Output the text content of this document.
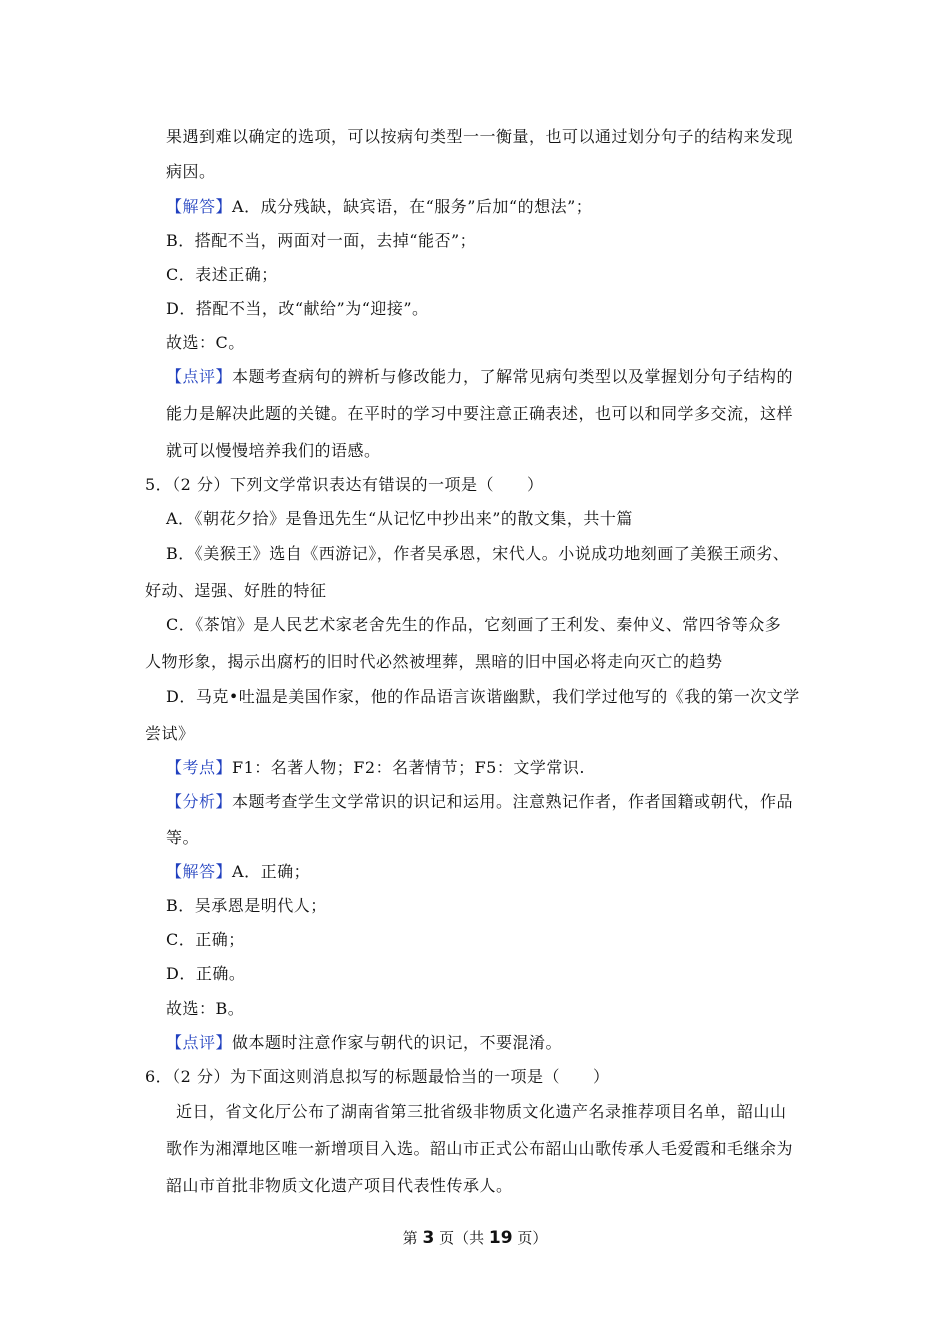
果遇到难以确定的选项，可以按病句类型一一衡量，也可以通过划分句子的结构来发现
病因。
【解答】A．成分残缺，缺宾语，在“服务”后加“的想法”；
B．搭配不当，两面对一面，去掉“能否”；
C．表述正确；
D．搭配不当，改“献给”为“迎接”。
故选：C。
【点评】本题考查病句的辨析与修改能力，了解常见病句类型以及掌握划分句子结构的
能力是解决此题的关键。在平时的学习中要注意正确表述，也可以和同学多交流，这样
就可以慢慢培养我们的语感。
5．（2 分）下列文学常识表达有错误的一项是（　　）
A．《朝花夕拾》是鲁迅先生“从记忆中抄出来”的散文集，共十篇
B．《美猴王》选自《西游记》，作者吴承恩，宋代人。小说成功地刻画了美猴王顽劣、
好动、逞强、好胜的特征
C．《茶馆》是人民艺术家老舍先生的作品，它刻画了王利发、秦仲义、常四爷等众多
人物形象，揭示出腐朽的旧时代必然被埋葬，黑暗的旧中国必将走向灭亡的趋势
D．马克•吐温是美国作家，他的作品语言诙谐幽默，我们学过他写的《我的第一次文学
尝试》
【考点】F1：名著人物；F2：名著情节；F5：文学常识.
【分析】本题考查学生文学常识的识记和运用。注意熟记作者，作者国籍或朝代，作品
等。
【解答】A．正确；
B．吴承恩是明代人；
C．正确；
D．正确。
故选：B。
【点评】做本题时注意作家与朝代的识记，不要混淆。
6．（2 分）为下面这则消息拟写的标题最恰当的一项是（　　）
近日，省文化厅公布了湖南省第三批省级非物质文化遗产名录推荐项目名单，韶山山
歌作为湘潭地区唯一新增项目入选。韶山市正式公布韶山山歌传承人毛爱霞和毛继余为
韶山市首批非物质文化遗产项目代表性传承人。
第 3 页（共 19 页）
